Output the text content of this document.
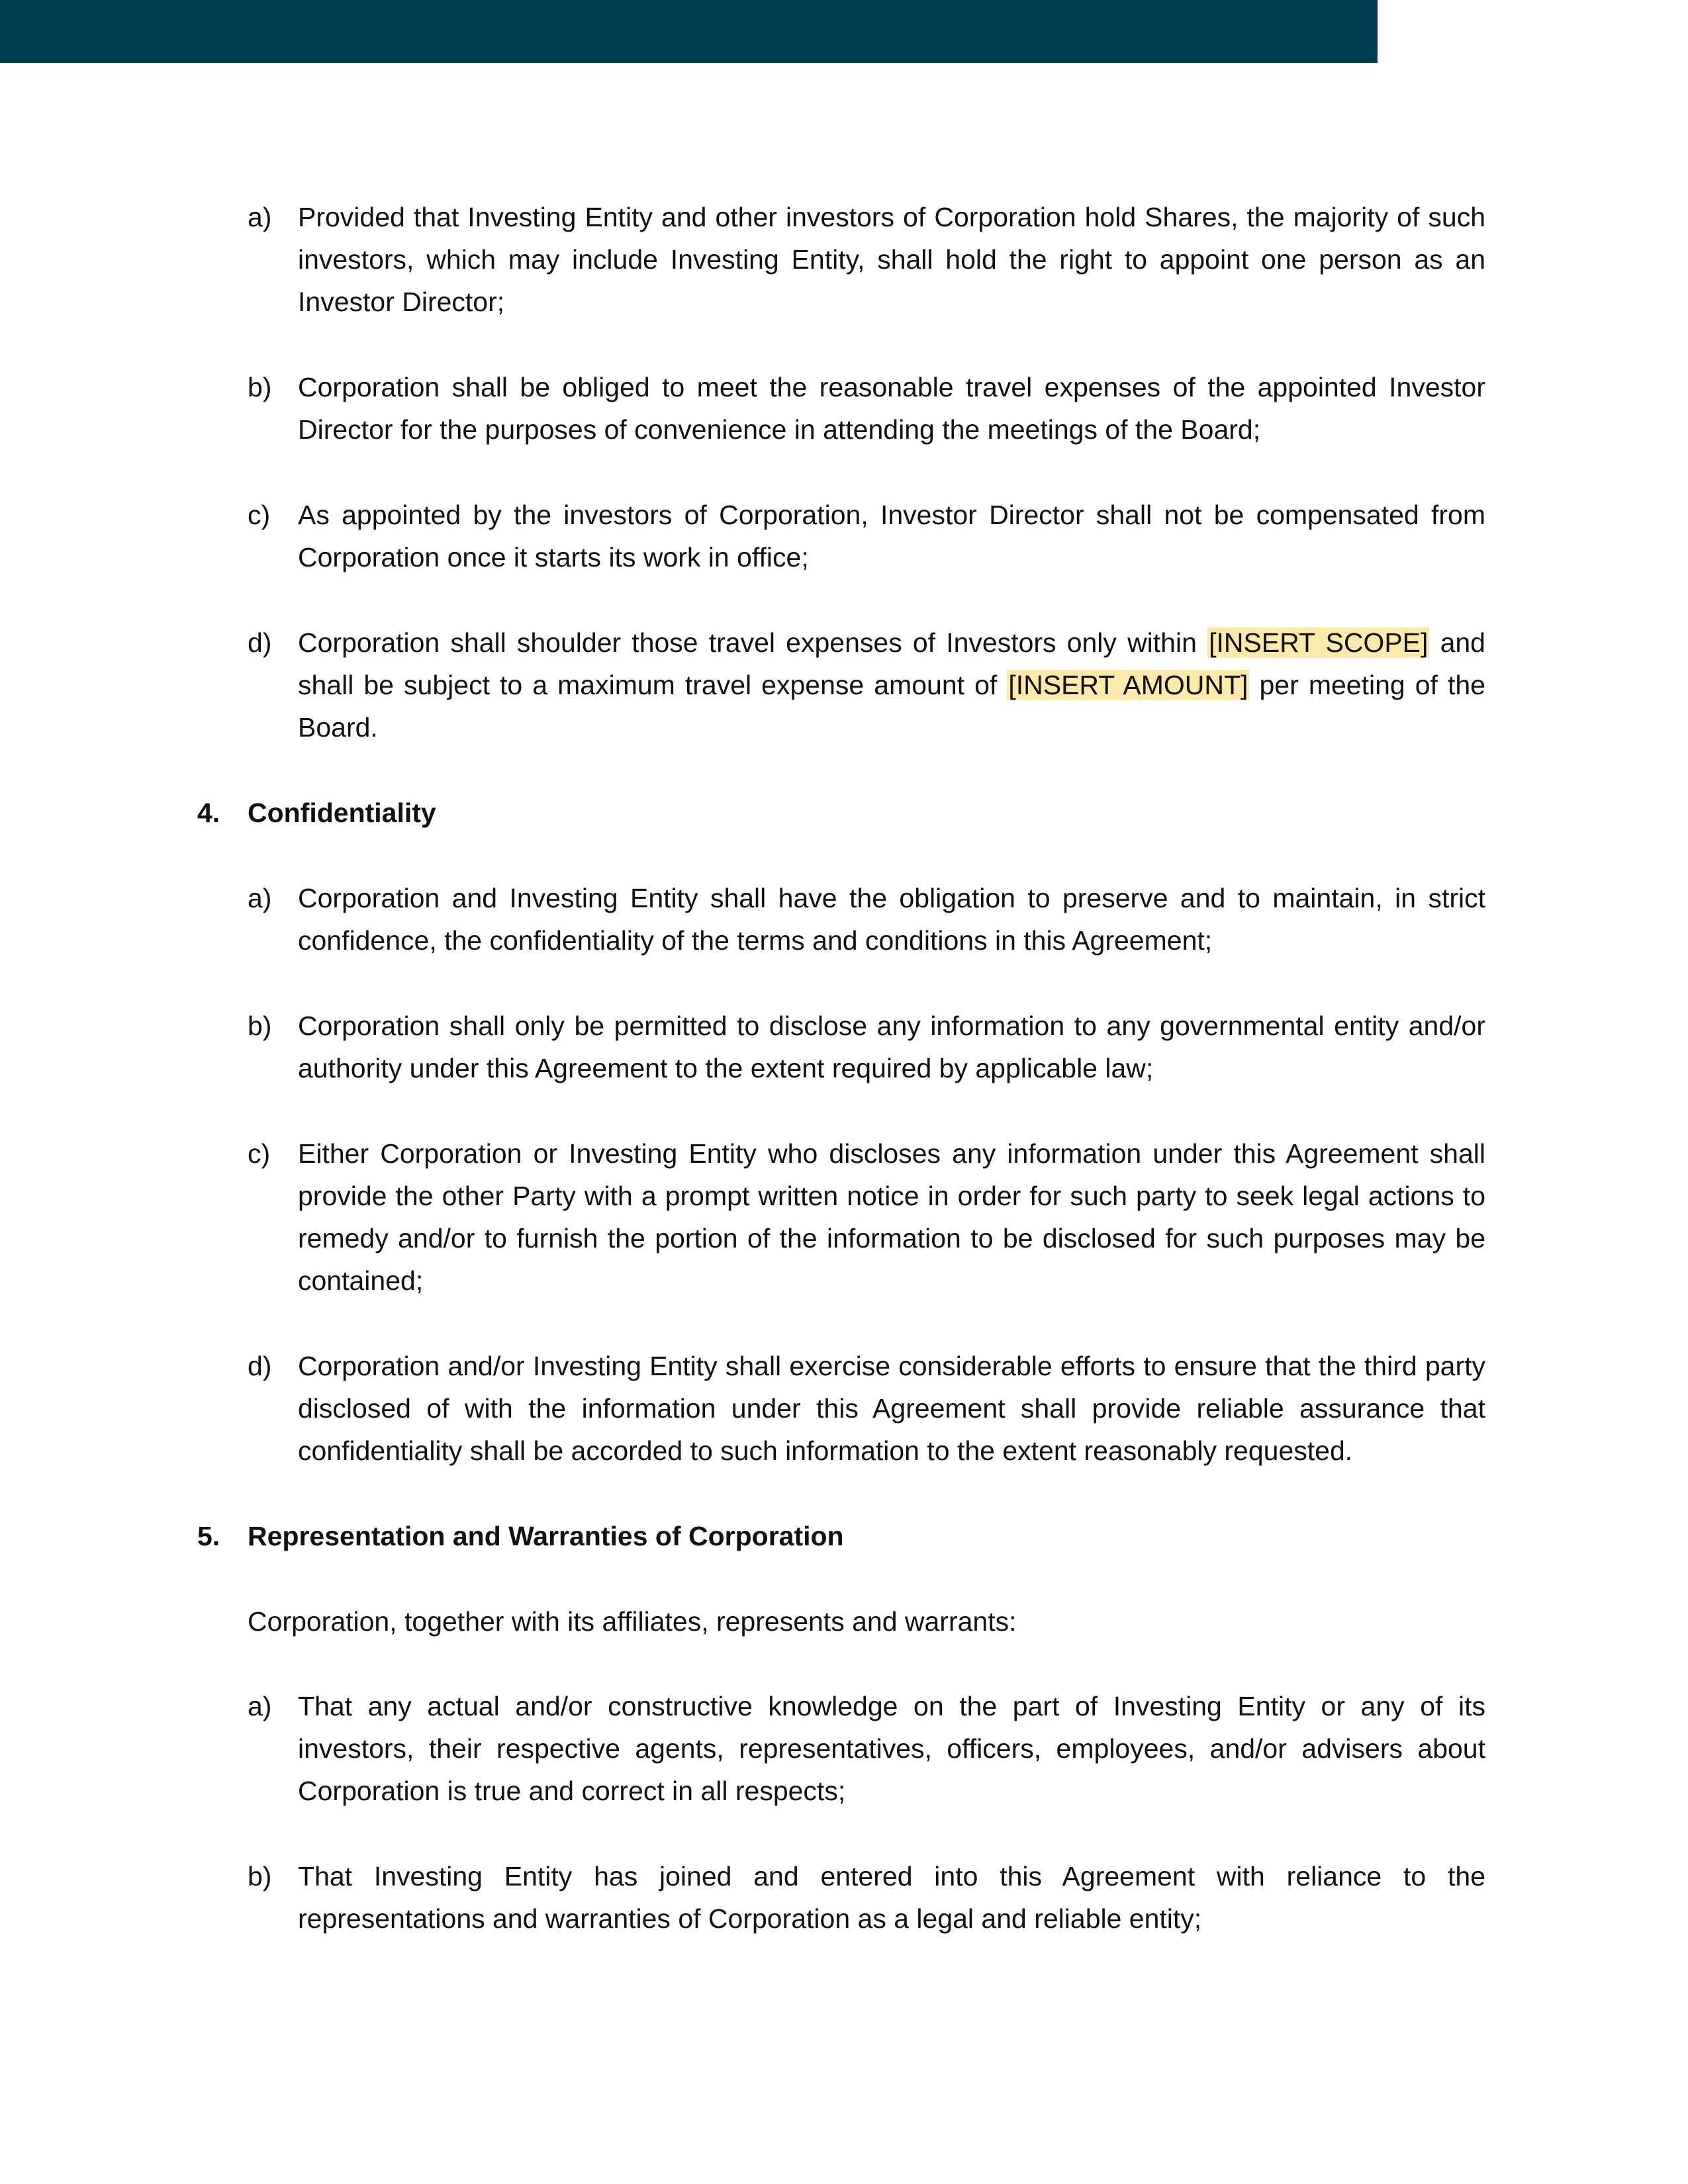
a) Provided that Investing Entity and other investors of Corporation hold Shares, the majority of such investors, which may include Investing Entity, shall hold the right to appoint one person as an Investor Director;
b) Corporation shall be obliged to meet the reasonable travel expenses of the appointed Investor Director for the purposes of convenience in attending the meetings of the Board;
c)	As appointed by the investors of Corporation, Investor Director shall not be compensated from Corporation once it starts its work in office;
d) Corporation shall shoulder those travel expenses of Investors only within [INSERT SCOPE] and shall be subject to a maximum travel expense amount of [INSERT AMOUNT] per meeting of the Board.
4.	Confidentiality
a) Corporation and Investing Entity shall have the obligation to preserve and to maintain, in strict confidence, the confidentiality of the terms and conditions in this Agreement;
b) Corporation shall only be permitted to disclose any information to any governmental entity and/or authority under this Agreement to the extent required by applicable law;
c)	Either Corporation or Investing Entity who discloses any information under this Agreement shall provide the other Party with a prompt written notice in order for such party to seek legal actions to remedy and/or to furnish the portion of the information to be disclosed for such purposes may be contained;
d) Corporation and/or Investing Entity shall exercise considerable efforts to ensure that the third party disclosed of with the information under this Agreement shall provide reliable assurance that confidentiality shall be accorded to such information to the extent reasonably requested.
5.	Representation and Warranties of Corporation
Corporation, together with its affiliates, represents and warrants:
a) That any actual and/or constructive knowledge on the part of Investing Entity or any of its investors, their respective agents, representatives, officers, employees, and/or advisers about Corporation is true and correct in all respects;
b) That Investing Entity has joined and entered into this Agreement with reliance to the representations and warranties of Corporation as a legal and reliable entity;
